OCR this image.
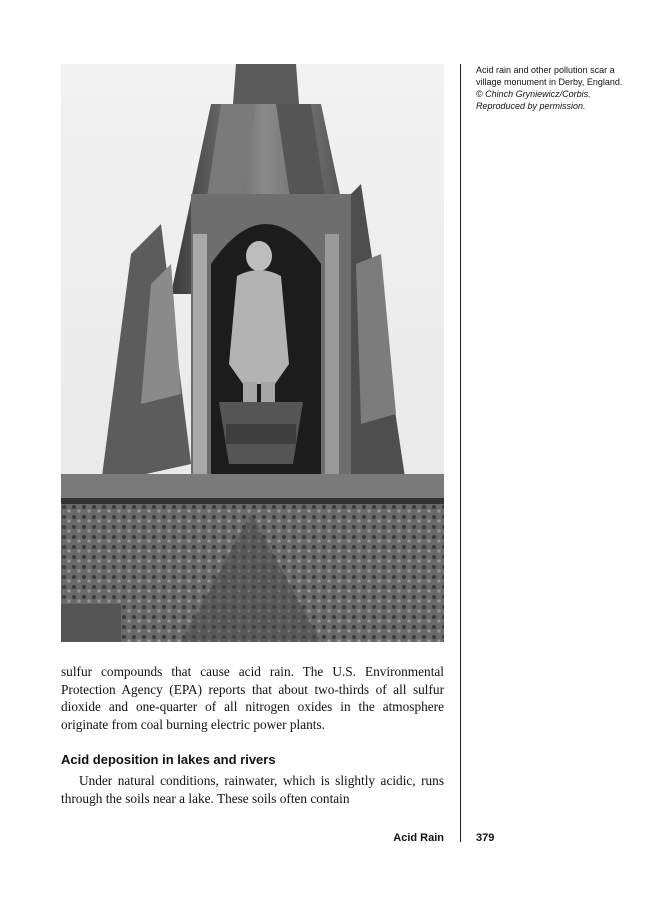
Acid rain and other pollution scar a village monument in Derby, England. © Chinch Gryniewicz/Corbis. Reproduced by permission.

sulfur compounds that cause acid rain. The U.S. Environmental Protection Agency (EPA) reports that about two-thirds of all sulfur dioxide and one-quarter of all nitrogen oxides in the atmosphere originate from coal burning electric power plants.

Acid deposition in lakes and rivers

Under natural conditions, rainwater, which is slightly acidic, runs through the soils near a lake. These soils often contain

Acid Rain	379
